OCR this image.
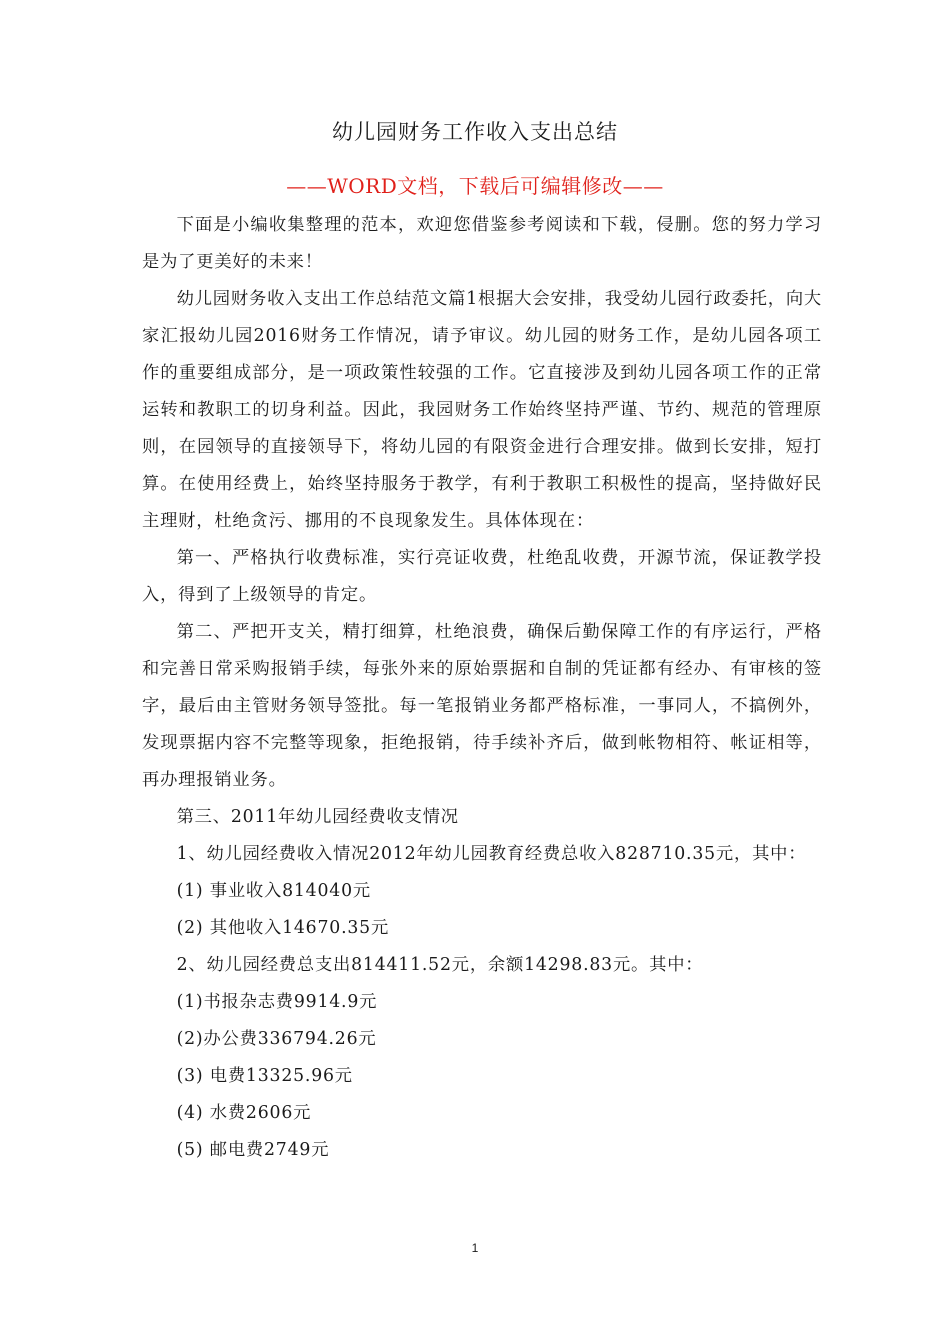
幼儿园财务工作收入支出总结
——WORD文档，下载后可编辑修改——

下面是小编收集整理的范本，欢迎您借鉴参考阅读和下载，侵删。您的努力学习是为了更美好的未来！

幼儿园财务收入支出工作总结范文篇1根据大会安排，我受幼儿园行政委托，向大家汇报幼儿园2016财务工作情况，请予审议。幼儿园的财务工作，是幼儿园各项工作的重要组成部分，是一项政策性较强的工作。它直接涉及到幼儿园各项工作的正常运转和教职工的切身利益。因此，我园财务工作始终坚持严谨、节约、规范的管理原则，在园领导的直接领导下，将幼儿园的有限资金进行合理安排。做到长安排，短打算。在使用经费上，始终坚持服务于教学，有利于教职工积极性的提高，坚持做好民主理财，杜绝贪污、挪用的不良现象发生。具体体现在：

第一、严格执行收费标准，实行亮证收费，杜绝乱收费，开源节流，保证教学投入，得到了上级领导的肯定。

第二、严把开支关，精打细算，杜绝浪费，确保后勤保障工作的有序运行，严格和完善日常采购报销手续，每张外来的原始票据和自制的凭证都有经办、有审核的签字，最后由主管财务领导签批。每一笔报销业务都严格标准，一事同人，不搞例外，发现票据内容不完整等现象，拒绝报销，待手续补齐后，做到帐物相符、帐证相等，再办理报销业务。

第三、2011年幼儿园经费收支情况

1、幼儿园经费收入情况2012年幼儿园教育经费总收入828710.35元，其中：

(1) 事业收入814040元

(2) 其他收入14670.35元

2、幼儿园经费总支出814411.52元，余额14298.83元。其中：

(1)书报杂志费9914.9元

(2)办公费336794.26元

(3) 电费13325.96元

(4) 水费2606元

(5) 邮电费2749元

1
